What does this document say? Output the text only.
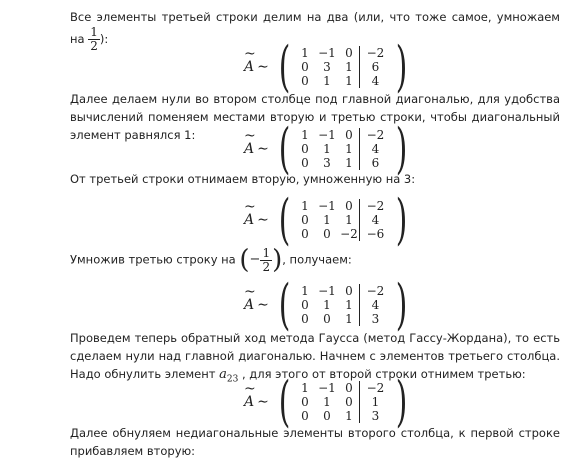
Все элементы третьей строки делим на два (или, что тоже самое, умножаем на $\frac{1}{2}$ ):

~
A ∼ ( 1 −1 0	−2
0	3	1	6
0	1	1	4 )

Далее делаем нули во втором столбце под главной диагональю, для удобства вычислений поменяем местами вторую и третью строки, чтобы диагональный элемент равнялся 1:	~
A ∼ ( 1 −1 0	−2
0	1	1	4
0	3	1	6 )

От третьей строки отнимаем вторую, умноженную на 3:

~
A ∼ ( 1 −1 0	−2
0	1	1	4
0	0 −2 −6 )

Умножив третью строку на (− $\frac{1}{2}$ ), получаем:

~
A ∼ ( 1 −1 0	−2
0	1	1	4
0	0	1	3 )

Проведем теперь обратный ход метода Гаусса (метод Гассу-Жордана), то есть сделаем нули над главной диагональю. Начнем с элементов третьего столбца. Надо обнулить элемент $a_{23}$ , для этого от второй строки отнимем третью:

~
A ∼ ( 1 −1 0	−2
0	1	0	1
0	0	1	3 )

Далее обнуляем недиагональные элементы второго столбца, к первой строке прибавляем вторую:
